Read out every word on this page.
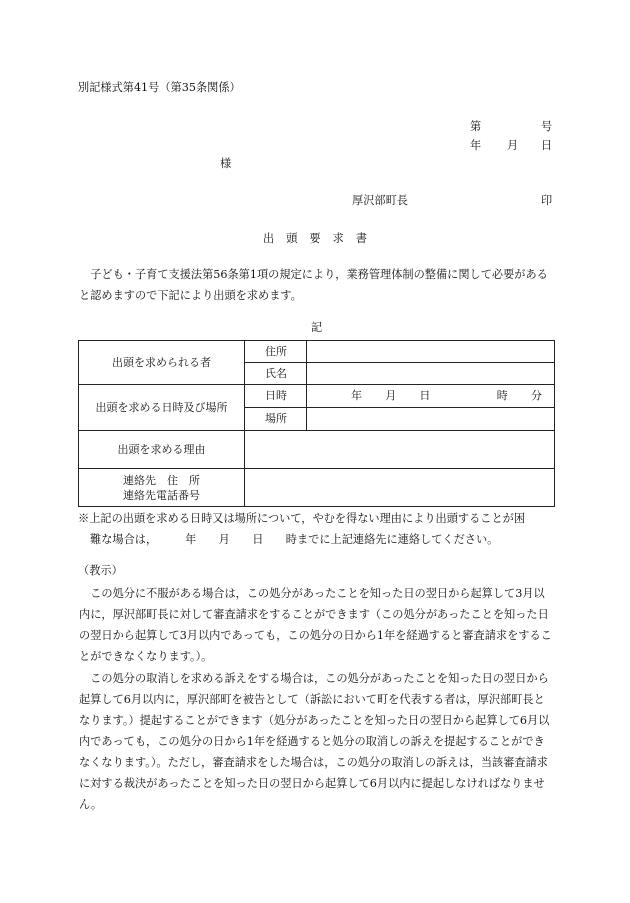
別記様式第41号（第35条関係）
第	号
年 月 日
様
厚沢部町長	印
出頭要求書
子ども・子育て支援法第56条第1項の規定により，業務管理体制の整備に関して必要があると認めますので下記により出頭を求めます。
記
出頭を求められる者	住所	
	氏名	
出頭を求める日時及び場所	日時	年 月 日 時 分

	場所	
出頭を求める理由		

連絡先　住　所
連絡先電話番号		

※上記の出頭を求める日時又は場所について，やむを得ない理由により出頭することが困
難な場合は，　　　年　　月　　日　　時までに上記連絡先に連絡してください。
（教示）
この処分に不服がある場合は，この処分があったことを知った日の翌日から起算して3月以内に，厚沢部町長に対して審査請求をすることができます（この処分があったことを知った日の翌日から起算して3月以内であっても，この処分の日から1年を経過すると審査請求をすることができなくなります。）。
この処分の取消しを求める訴えをする場合は，この処分があったことを知った日の翌日から起算して6月以内に，厚沢部町を被告として（訴訟において町を代表する者は，厚沢部町長となります。）提起することができます（処分があったことを知った日の翌日から起算して6月以内であっても，この処分の日から1年を経過すると処分の取消しの訴えを提起することができなくなります。）。ただし，審査請求をした場合は，この処分の取消しの訴えは，当該審査請求に対する裁決があったことを知った日の翌日から起算して6月以内に提起しなければなりません。
